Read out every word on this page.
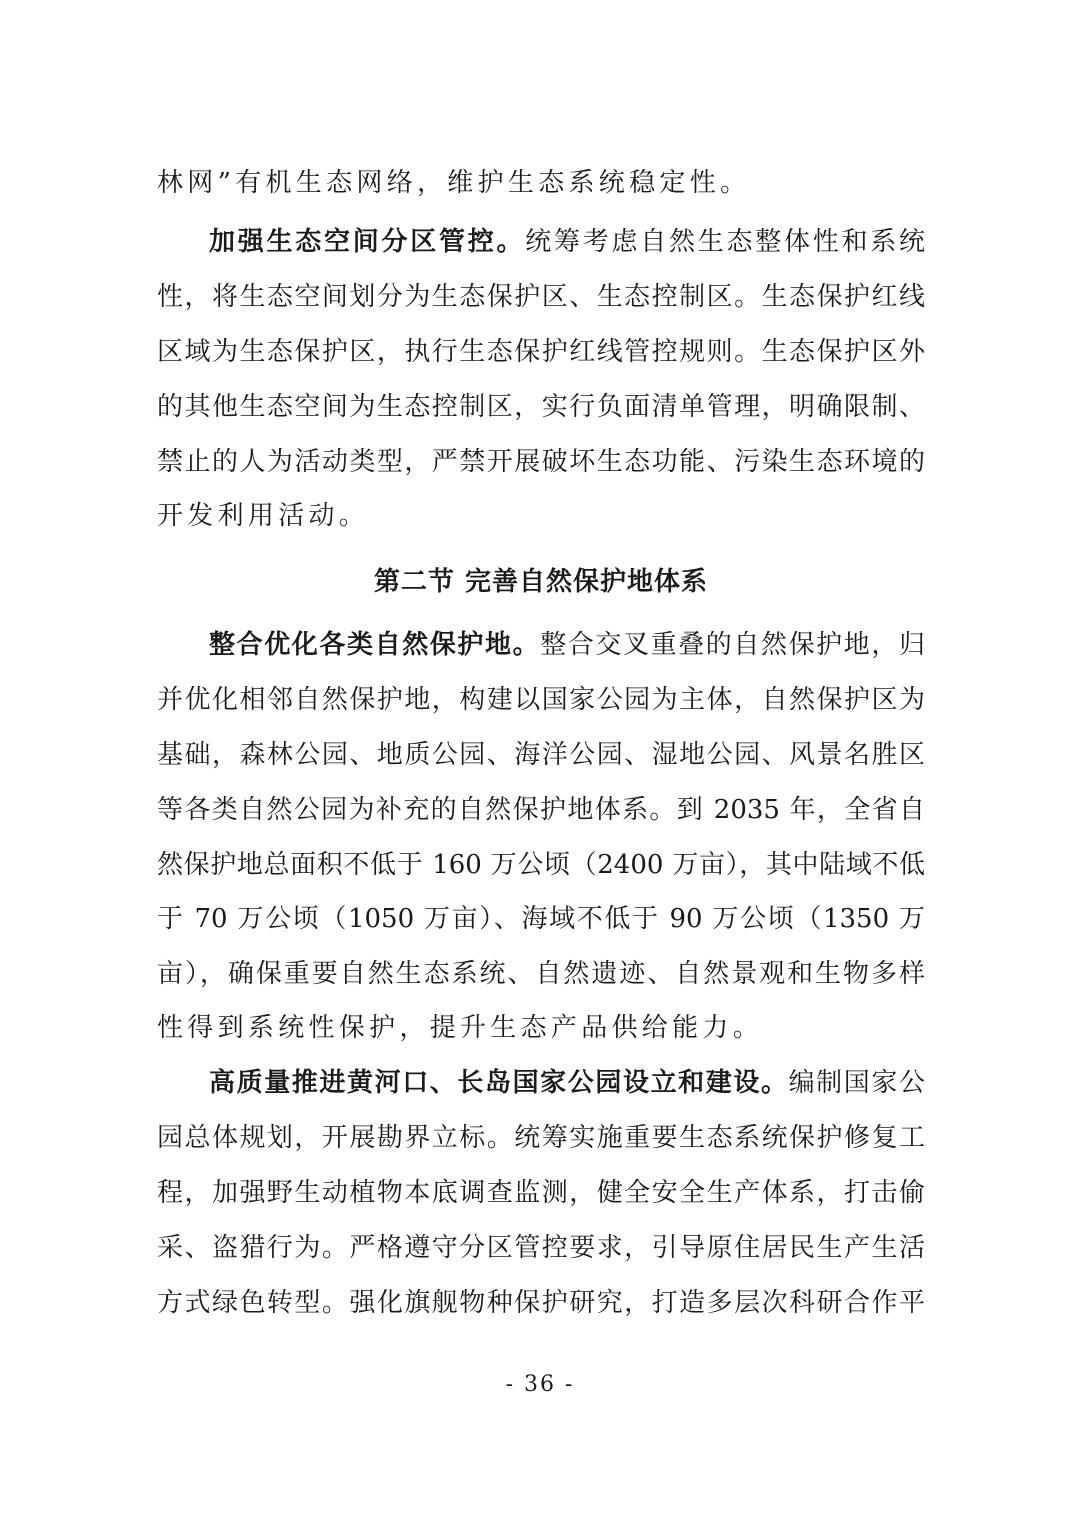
林网”有机生态网络，维护生态系统稳定性。
加强生态空间分区管控。统筹考虑自然生态整体性和系统
性，将生态空间划分为生态保护区、生态控制区。生态保护红线
区域为生态保护区，执行生态保护红线管控规则。生态保护区外
的其他生态空间为生态控制区，实行负面清单管理，明确限制、
禁止的人为活动类型，严禁开展破坏生态功能、污染生态环境的
开发利用活动。
第二节 完善自然保护地体系
整合优化各类自然保护地。整合交叉重叠的自然保护地，归
并优化相邻自然保护地，构建以国家公园为主体，自然保护区为
基础，森林公园、地质公园、海洋公园、湿地公园、风景名胜区
等各类自然公园为补充的自然保护地体系。到 2035 年，全省自
然保护地总面积不低于 160 万公顷（2400 万亩），其中陆域不低
于 70 万公顷（1050 万亩）、海域不低于 90 万公顷（1350 万
亩），确保重要自然生态系统、自然遗迹、自然景观和生物多样
性得到系统性保护，提升生态产品供给能力。
高质量推进黄河口、长岛国家公园设立和建设。编制国家公
园总体规划，开展勘界立标。统筹实施重要生态系统保护修复工
程，加强野生动植物本底调查监测，健全安全生产体系，打击偷
采、盗猎行为。严格遵守分区管控要求，引导原住居民生产生活
方式绿色转型。强化旗舰物种保护研究，打造多层次科研合作平
- 36 -
